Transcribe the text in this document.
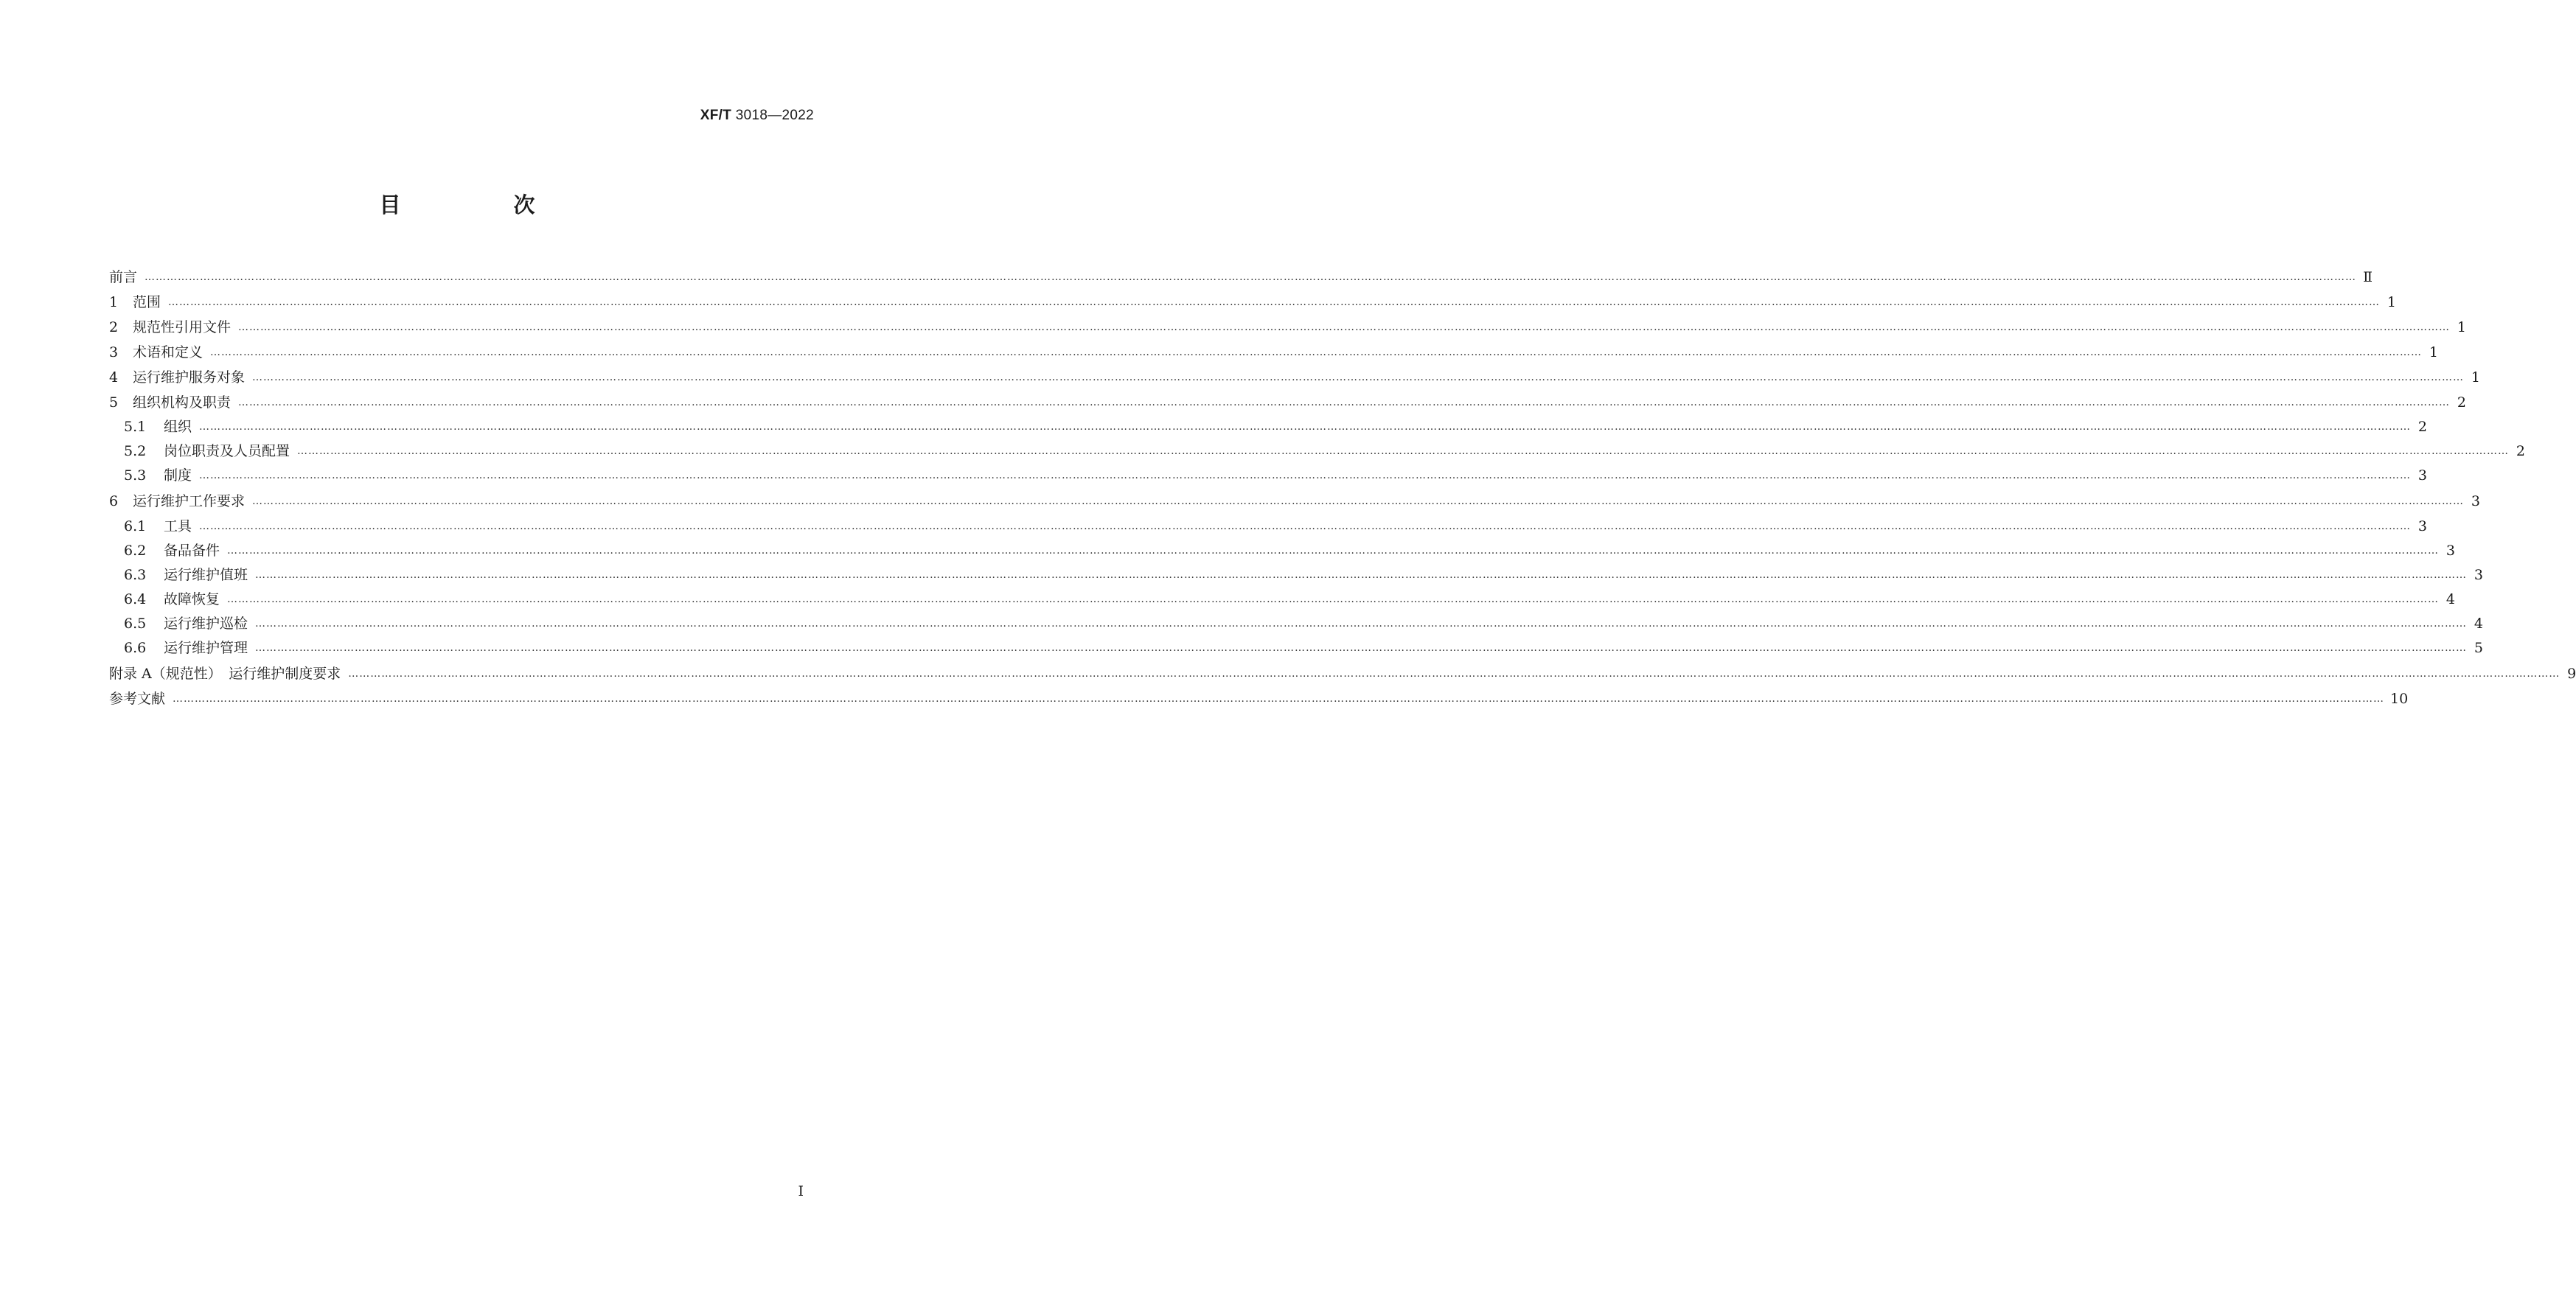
XF/T 3018—2022
目　次
前言 …………………………………………………………………………………………………………………………………………………………………………………………………………………………………………………………………………………………………………………………………………………………………………………………………………………………………………………………………………………………………………………………………………………… Ⅱ
1 范围 …………………………………………………………………………………………………………………………………………………………………………………………………………………………………………………………………………………………………………………………………………………………………………………………………………………………………………………………………………………………………………………………………………………… 1
2 规范性引用文件 …………………………………………………………………………………………………………………………………………………………………………………………………………………………………………………………………………………………………………………………………………………………………………………………………………………………………………………………………………………………………………………………………………………… 1
3 术语和定义 …………………………………………………………………………………………………………………………………………………………………………………………………………………………………………………………………………………………………………………………………………………………………………………………………………………………………………………………………………………………………………………………………………………… 1
4 运行维护服务对象 …………………………………………………………………………………………………………………………………………………………………………………………………………………………………………………………………………………………………………………………………………………………………………………………………………………………………………………………………………………………………………………………………………………… 1
5 组织机构及职责 …………………………………………………………………………………………………………………………………………………………………………………………………………………………………………………………………………………………………………………………………………………………………………………………………………………………………………………………………………………………………………………………………………………… 2
5.1 组织 …………………………………………………………………………………………………………………………………………………………………………………………………………………………………………………………………………………………………………………………………………………………………………………………………………………………………………………………………………………………………………………………………………………… 2
5.2 岗位职责及人员配置 …………………………………………………………………………………………………………………………………………………………………………………………………………………………………………………………………………………………………………………………………………………………………………………………………………………………………………………………………………………………………………………………………………………… 2
5.3 制度 …………………………………………………………………………………………………………………………………………………………………………………………………………………………………………………………………………………………………………………………………………………………………………………………………………………………………………………………………………………………………………………………………………………… 3
6 运行维护工作要求 …………………………………………………………………………………………………………………………………………………………………………………………………………………………………………………………………………………………………………………………………………………………………………………………………………………………………………………………………………………………………………………………………………………… 3
6.1 工具 …………………………………………………………………………………………………………………………………………………………………………………………………………………………………………………………………………………………………………………………………………………………………………………………………………………………………………………………………………………………………………………………………………………… 3
6.2 备品备件 …………………………………………………………………………………………………………………………………………………………………………………………………………………………………………………………………………………………………………………………………………………………………………………………………………………………………………………………………………………………………………………………………………………… 3
6.3 运行维护值班 …………………………………………………………………………………………………………………………………………………………………………………………………………………………………………………………………………………………………………………………………………………………………………………………………………………………………………………………………………………………………………………………………………………… 3
6.4 故障恢复 …………………………………………………………………………………………………………………………………………………………………………………………………………………………………………………………………………………………………………………………………………………………………………………………………………………………………………………………………………………………………………………………………………………… 4
6.5 运行维护巡检 …………………………………………………………………………………………………………………………………………………………………………………………………………………………………………………………………………………………………………………………………………………………………………………………………………………………………………………………………………………………………………………………………………………… 4
6.6 运行维护管理 …………………………………………………………………………………………………………………………………………………………………………………………………………………………………………………………………………………………………………………………………………………………………………………………………………………………………………………………………………………………………………………………………………………… 5
附录 A（规范性）　运行维护制度要求 …………………………………………………………………………………………………………………………………………………………………………………………………………………………………………………………………………………………………………………………………………………………………………………………………………………………………………………………………………………………………………………………………………………… 9
参考文献 …………………………………………………………………………………………………………………………………………………………………………………………………………………………………………………………………………………………………………………………………………………………………………………………………………………………………………………………………………………………………………………………………………………… 10
I
